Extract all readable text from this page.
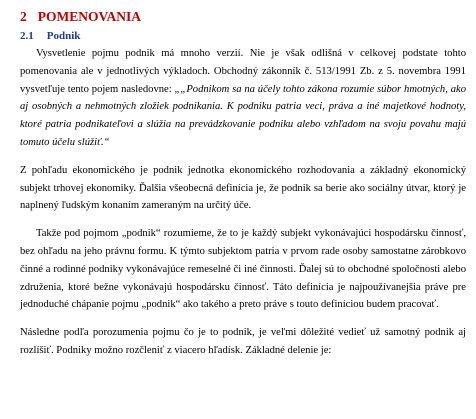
2 POMENOVANIA
2.1 Podnik

Vysvetlenie pojmu podnik má mnoho verzií. Nie je však odlišná v celkovej podstate tohto pomenovania ale v jednotlivých výkladoch. Obchodný zákonník č. 513/1991 Zb. z 5. novembra 1991 vysvetľuje tento pojem nasledovne: „„Podnikom sa na účely tohto zákona rozumie súbor hmotných, ako aj osobných a nehmotných zložiek podnikania. K podniku patria veci, práva a iné majetkové hodnoty, ktoré patria podnikateľovi a slúžia na prevádzkovanie podniku alebo vzhľadom na svoju povahu majú tomuto účelu slúžiť.“

Z pohľadu ekonomického je podnik jednotka ekonomického rozhodovania a základný ekonomický subjekt trhovej ekonomiky. Ďalšia všeobecná definícia je, že podnik sa berie ako sociálny útvar, ktorý je naplnený ľudským konaním zameraným na určitý úče.

Takže pod pojmom „podnik“ rozumieme, že to je každý subjekt vykonávajúci hospodársku činnosť, bez ohľadu na jeho právnu formu. K týmto subjektom patria v prvom rade osoby samostatne zárobkovo činné a rodinné podniky vykonávajúce remeselné či iné činnosti. Ďalej sú to obchodné spoločnosti alebo združenia, ktoré bežne vykonávajú hospodársku činnosť. Táto definícia je najpoužívanejšia práve pre jednoduché chápanie pojmu „podnik“ ako takého a preto práve s touto definíciou budem pracovať.

Následne podľa porozumenia pojmu čo je to podnik, je veľmi dôležité vedieť už samotný podnik aj rozlíšiť. Podniky možno rozčleniť z viacero hľadísk. Základné delenie je:
